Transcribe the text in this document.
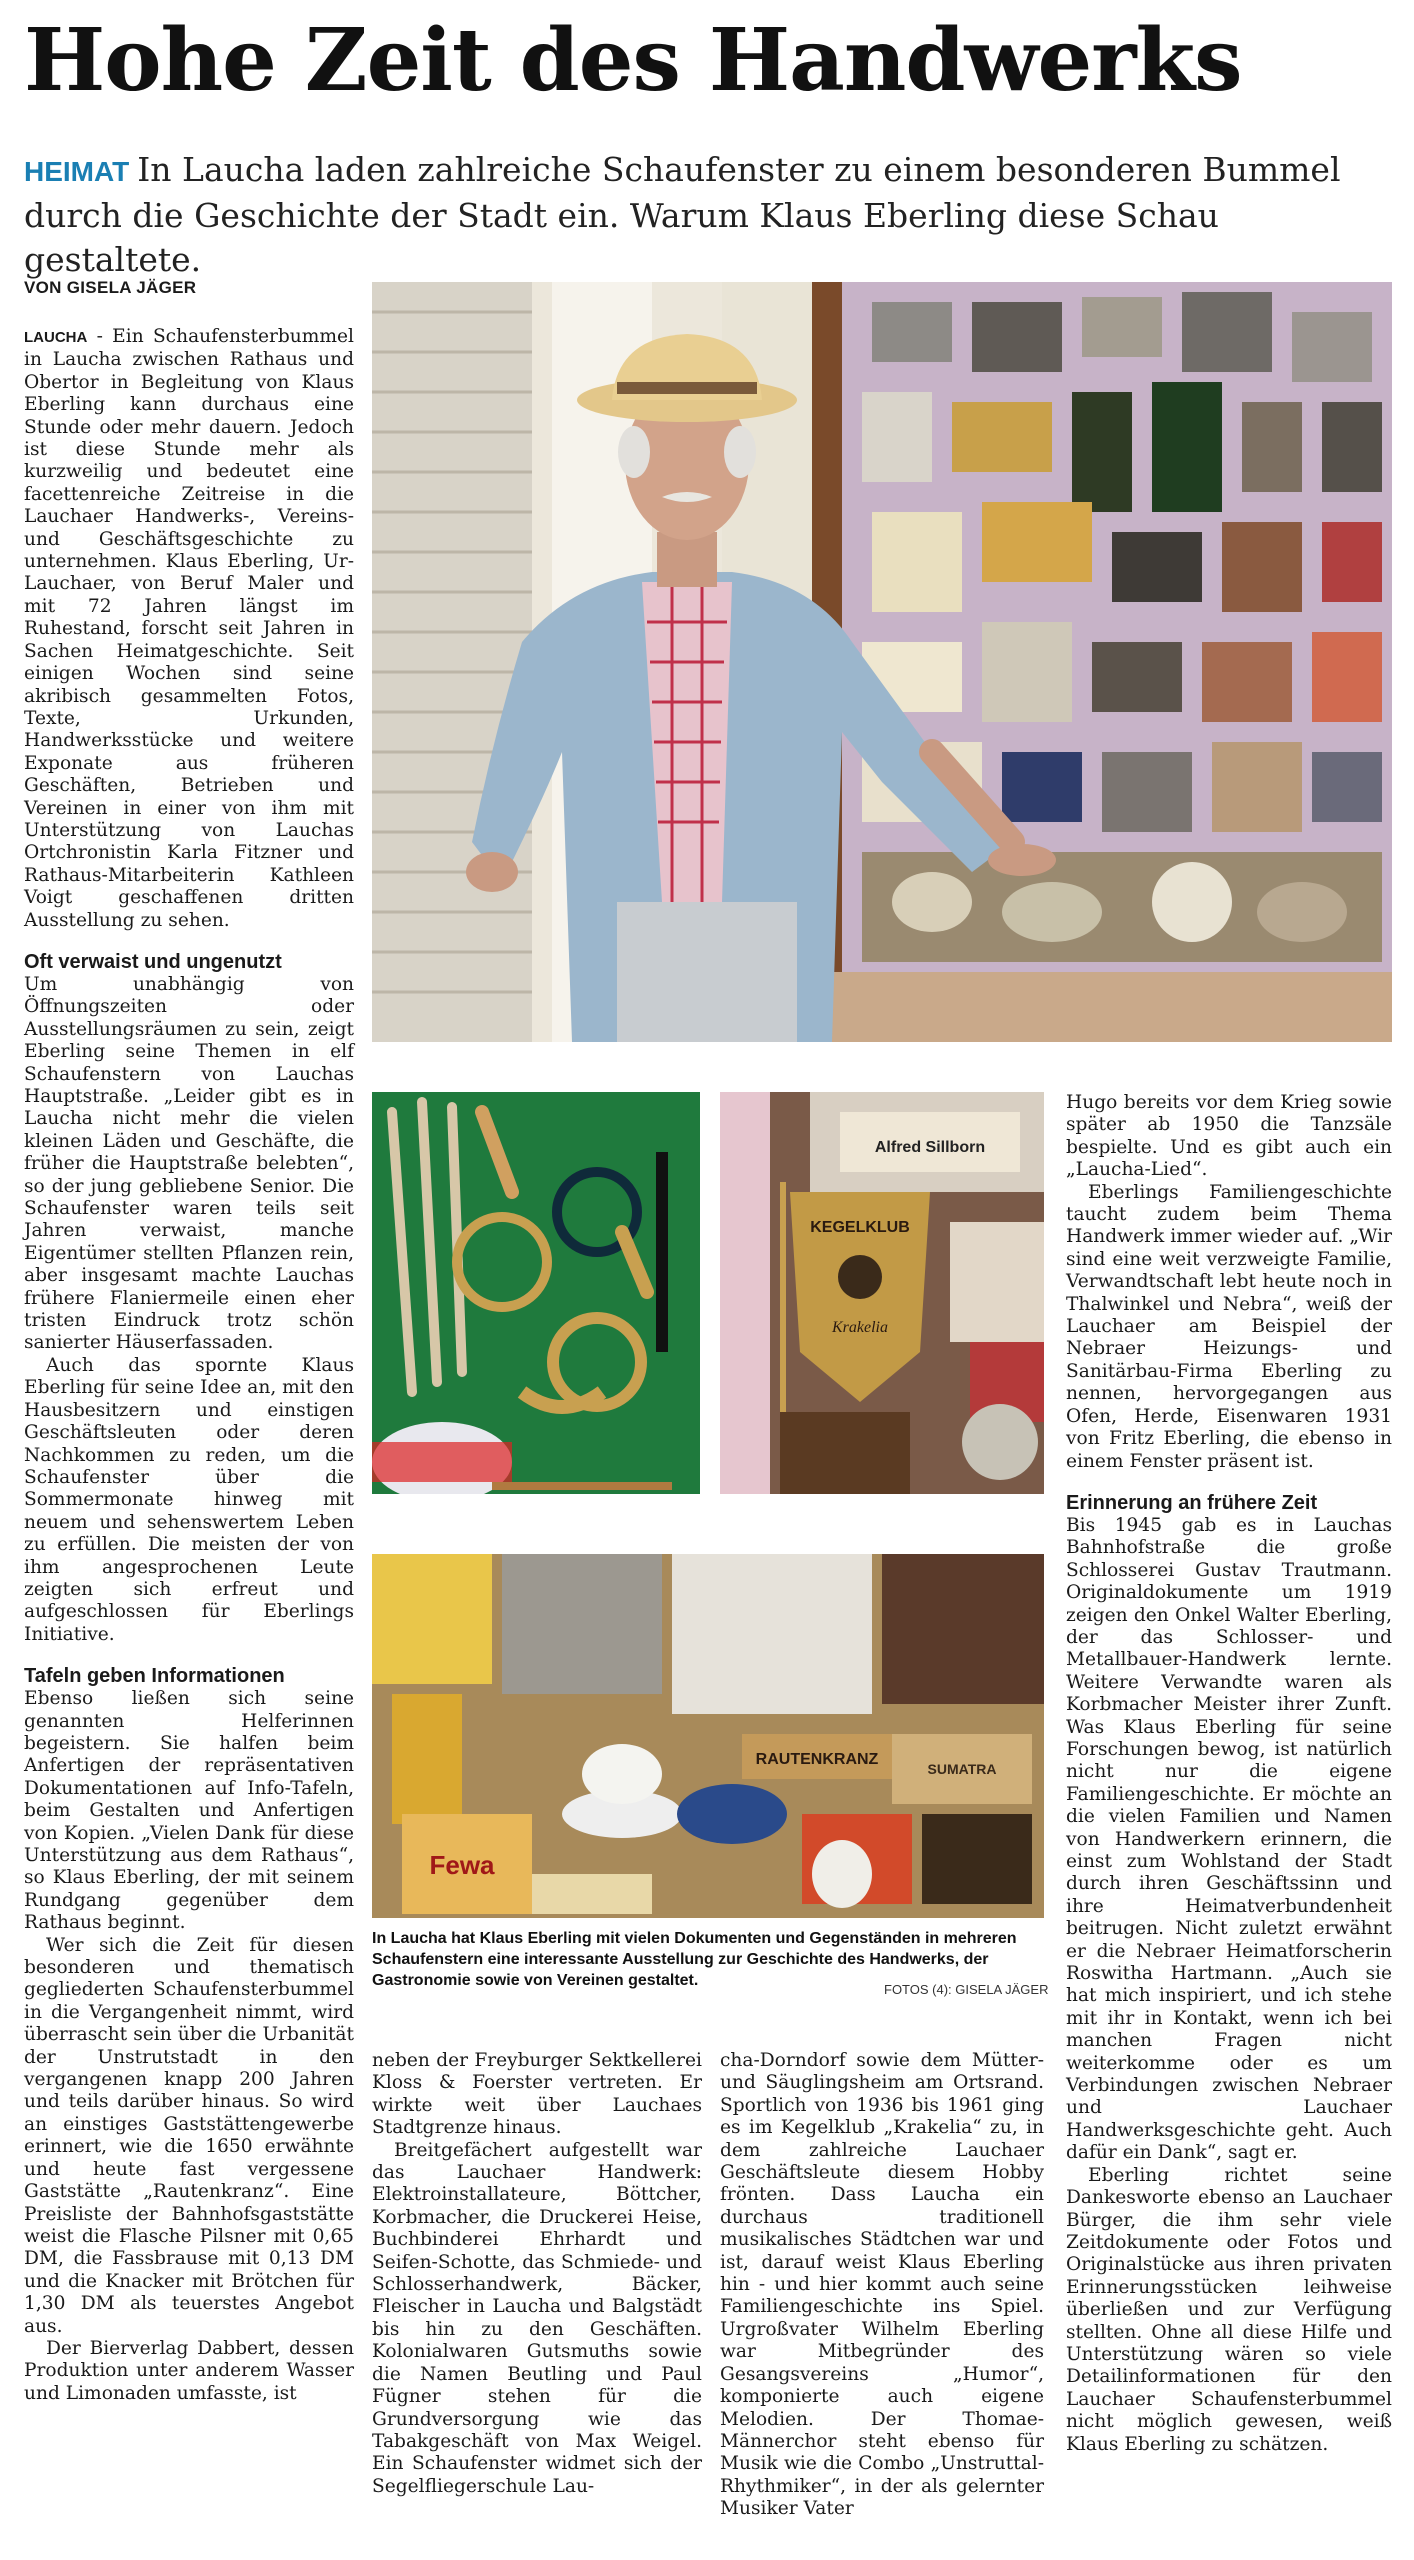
Hohe Zeit des Handwerks
HEIMAT In Laucha laden zahlreiche Schaufenster zu einem besonderen Bummel durch die Geschichte der Stadt ein. Warum Klaus Eberling diese Schau gestaltete.
VON GISELA JÄGER

LAUCHA - Ein Schaufensterbummel in Laucha zwischen Rathaus und Obertor in Begleitung von Klaus Eberling kann durchaus eine Stunde oder mehr dauern. Jedoch ist diese Stunde mehr als kurzweilig und bedeutet eine facettenreiche Zeitreise in die Lauchaer Handwerks-, Vereins- und Geschäftsgeschichte zu unternehmen. Klaus Eberling, Ur-Lauchaer, von Beruf Maler und mit 72 Jahren längst im Ruhestand, forscht seit Jahren in Sachen Heimatgeschichte. Seit einigen Wochen sind seine akribisch gesammelten Fotos, Texte, Urkunden, Handwerksstücke und weitere Exponate aus früheren Geschäften, Betrieben und Vereinen in einer von ihm mit Unterstützung von Lauchas Ortchronistin Karla Fitzner und Rathaus-Mitarbeiterin Kathleen Voigt geschaffenen dritten Ausstellung zu sehen.

Oft verwaist und ungenutzt

Um unabhängig von Öffnungszeiten oder Ausstellungsräumen zu sein, zeigt Eberling seine Themen in elf Schaufenstern von Lauchas Hauptstraße. „Leider gibt es in Laucha nicht mehr die vielen kleinen Läden und Geschäfte, die früher die Hauptstraße belebten“, so der jung gebliebene Senior. Die Schaufenster waren teils seit Jahren verwaist, manche Eigentümer stellten Pflanzen rein, aber insgesamt machte Lauchas frühere Flaniermeile einen eher tristen Eindruck trotz schön sanierter Häuserfassaden.

Auch das spornte Klaus Eberling für seine Idee an, mit den Hausbesitzern und einstigen Geschäftsleuten oder deren Nachkommen zu reden, um die Schaufenster über die Sommermonate hinweg mit neuem und sehenswertem Leben zu erfüllen. Die meisten der von ihm angesprochenen Leute zeigten sich erfreut und aufgeschlossen für Eberlings Initiative.

Tafeln geben Informationen

Ebenso ließen sich seine genannten Helferinnen begeistern. Sie halfen beim Anfertigen der repräsentativen Dokumentationen auf Info-Tafeln, beim Gestalten und Anfertigen von Kopien. „Vielen Dank für diese Unterstützung aus dem Rathaus“, so Klaus Eberling, der mit seinem Rundgang gegenüber dem Rathaus beginnt.

Wer sich die Zeit für diesen besonderen und thematisch gegliederten Schaufensterbummel in die Vergangenheit nimmt, wird überrascht sein über die Urbanität der Unstrutstadt in den vergangenen knapp 200 Jahren und teils darüber hinaus. So wird an einstiges Gaststättengewerbe erinnert, wie die 1650 erwähnte und heute fast vergessene Gaststätte „Rautenkranz“. Eine Preisliste der Bahnhofsgaststätte weist die Flasche Pilsner mit 0,65 DM, die Fassbrause mit 0,13 DM und die Knacker mit Brötchen für 1,30 DM als teuerstes Angebot aus.

Der Bierverlag Dabbert, dessen Produktion unter anderem Wasser und Limonaden umfasste, ist

neben der Freyburger Sektkellerei Kloss & Foerster vertreten. Er wirkte weit über Lauchaes Stadtgrenze hinaus.

Breitgefächert aufgestellt war das Lauchaer Handwerk: Elektroinstallateure, Böttcher, Korbmacher, die Druckerei Heise, Buchbinderei Ehrhardt und Seifen-Schotte, das Schmiede- und Schlosserhandwerk, Bäcker, Fleischer in Laucha und Balgstädt bis hin zu den Geschäften. Kolonialwaren Gutsmuths sowie die Namen Beutling und Paul Fügner stehen für die Grundversorgung wie das Tabakgeschäft von Max Weigel. Ein Schaufenster widmet sich der Segelfliegerschule Lau-

cha-Dorndorf sowie dem Mütter- und Säuglingsheim am Ortsrand. Sportlich von 1936 bis 1961 ging es im Kegelklub „Krakelia“ zu, in dem zahlreiche Lauchaer Geschäftsleute diesem Hobby frönten. Dass Laucha ein durchaus traditionell musikalisches Städtchen war und ist, darauf weist Klaus Eberling hin - und hier kommt auch seine Familiengeschichte ins Spiel. Urgroßvater Wilhelm Eberling war Mitbegründer des Gesangsvereins „Humor“, komponierte auch eigene Melodien. Der Thomae-Männerchor steht ebenso für Musik wie die Combo „Unstruttal-Rhythmiker“, in der als gelernter Musiker Vater

Hugo bereits vor dem Krieg sowie später ab 1950 die Tanzsäle bespielte. Und es gibt auch ein „Laucha-Lied“.

Eberlings Familiengeschichte taucht zudem beim Thema Handwerk immer wieder auf. „Wir sind eine weit verzweigte Familie, Verwandtschaft lebt heute noch in Thalwinkel und Nebra“, weiß der Lauchaer am Beispiel der Nebraer Heizungs- und Sanitärbau-Firma Eberling zu nennen, hervorgegangen aus Ofen, Herde, Eisenwaren 1931 von Fritz Eberling, die ebenso in einem Fenster präsent ist.

Erinnerung an frühere Zeit

Bis 1945 gab es in Lauchas Bahnhofstraße die große Schlosserei Gustav Trautmann. Originaldokumente um 1919 zeigen den Onkel Walter Eberling, der das Schlosser- und Metallbauer-Handwerk lernte. Weitere Verwandte waren als Korbmacher Meister ihrer Zunft. Was Klaus Eberling für seine Forschungen bewog, ist natürlich nicht nur die eigene Familiengeschichte. Er möchte an die vielen Familien und Namen von Handwerkern erinnern, die einst zum Wohlstand der Stadt durch ihren Geschäftssinn und ihre Heimatverbundenheit beitrugen. Nicht zuletzt erwähnt er die Nebraer Heimatforscherin Roswitha Hartmann. „Auch sie hat mich inspiriert, und ich stehe mit ihr in Kontakt, wenn ich bei manchen Fragen nicht weiterkomme oder es um Verbindungen zwischen Nebraer und Lauchaer Handwerksgeschichte geht. Auch dafür ein Dank“, sagt er.

Eberling richtet seine Dankesworte ebenso an Lauchaer Bürger, die ihm sehr viele Zeitdokumente oder Fotos und Originalstücke aus ihren privaten Erinnerungsstücken leihweise überließen und zur Verfügung stellten. Ohne all diese Hilfe und Unterstützung wären so viele Detailinformationen für den Lauchaer Schaufensterbummel nicht möglich gewesen, weiß Klaus Eberling zu schätzen.

Alfred Sillborn
KEGELKLUB
Krakelia
Fewa
RAUTENKRANZ
SUMATRA
In Laucha hat Klaus Eberling mit vielen Dokumenten und Gegenständen in mehreren Schaufenstern eine interessante Ausstellung zur Geschichte des Handwerks, der Gastronomie sowie von Vereinen gestaltet.
FOTOS (4): GISELA JÄGER
